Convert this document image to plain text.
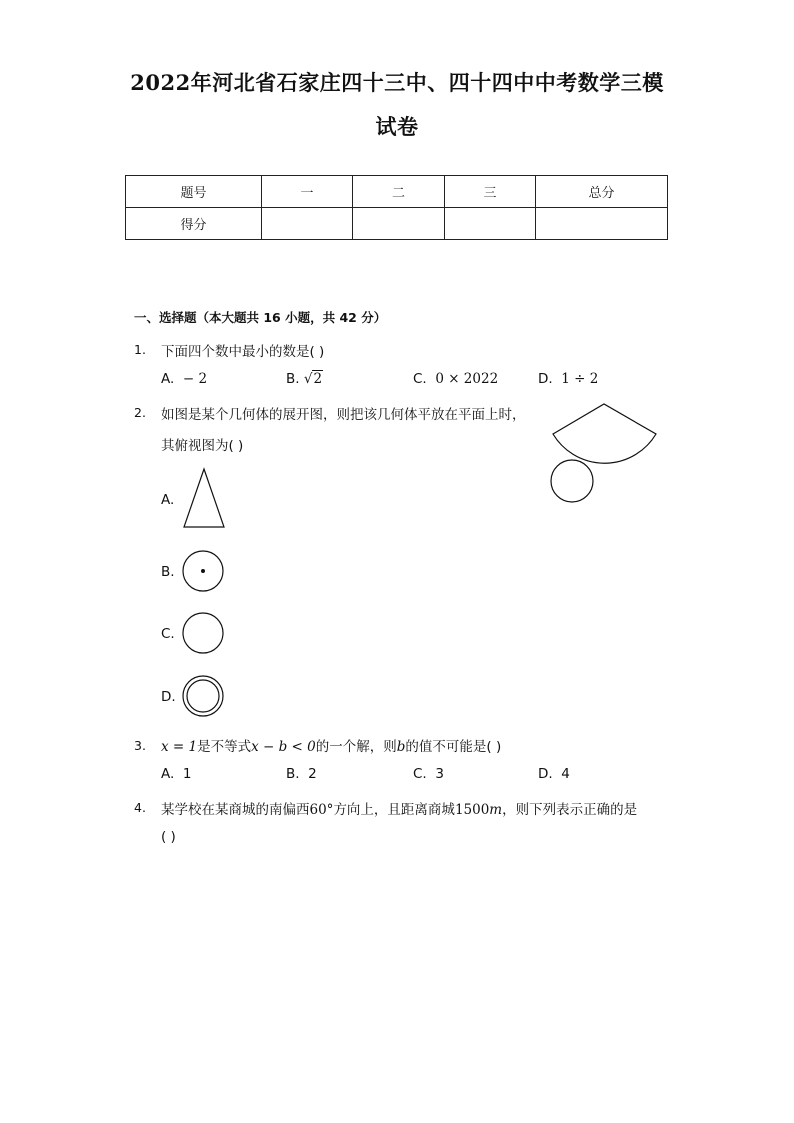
2022年河北省石家庄四十三中、四十四中中考数学三模
试卷
题号	一	二	三	总分
得分				
一、选择题（本大题共 16 小题，共 42 分）
1. 下面四个数中最小的数是( )
A. − 2	B. √2	C. 0 × 2022	D. 1 ÷ 2
2. 如图是某个几何体的展开图，则把该几何体平放在平面上时，
其俯视图为( )
A.
B.
C.
D.
3. x = 1是不等式x − b < 0的一个解，则b的值不可能是( )
A. 1	B. 2	C. 3	D. 4
4. 某学校在某商城的南偏西60°方向上，且距离商城1500m，则下列表示正确的是
( )
